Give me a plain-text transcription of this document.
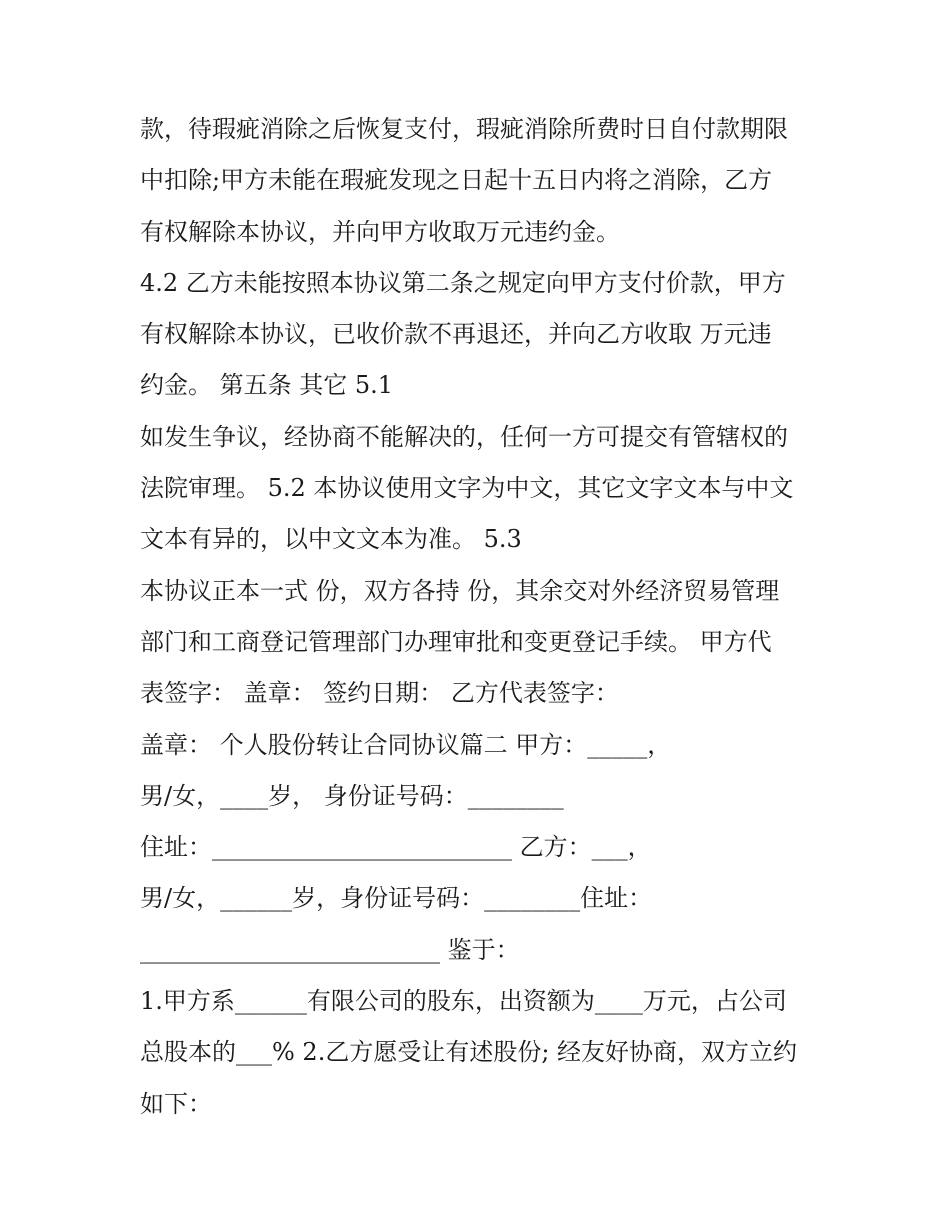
款，待瑕疵消除之后恢复支付，瑕疵消除所费时日自付款期限

中扣除;甲方未能在瑕疵发现之日起十五日内将之消除，乙方

有权解除本协议，并向甲方收取万元违约金。

4.2 乙方未能按照本协议第二条之规定向甲方支付价款，甲方

有权解除本协议，已收价款不再退还，并向乙方收取 万元违

约金。 第五条 其它 5.1

如发生争议，经协商不能解决的，任何一方可提交有管辖权的

法院审理。 5.2 本协议使用文字为中文，其它文字文本与中文

文本有异的，以中文文本为准。 5.3

本协议正本一式 份，双方各持 份，其余交对外经济贸易管理

部门和工商登记管理部门办理审批和变更登记手续。 甲方代

表签字： 盖章： 签约日期： 乙方代表签字：

盖章： 个人股份转让合同协议篇二 甲方：_____，

男/女，____岁， 身份证号码：________

住址：_________________________ 乙方：___，

男/女，______岁，身份证号码：________住址：

_________________________ 鉴于：

1.甲方系______有限公司的股东，出资额为____万元，占公司

总股本的___% 2.乙方愿受让有述股份; 经友好协商，双方立约

如下：
